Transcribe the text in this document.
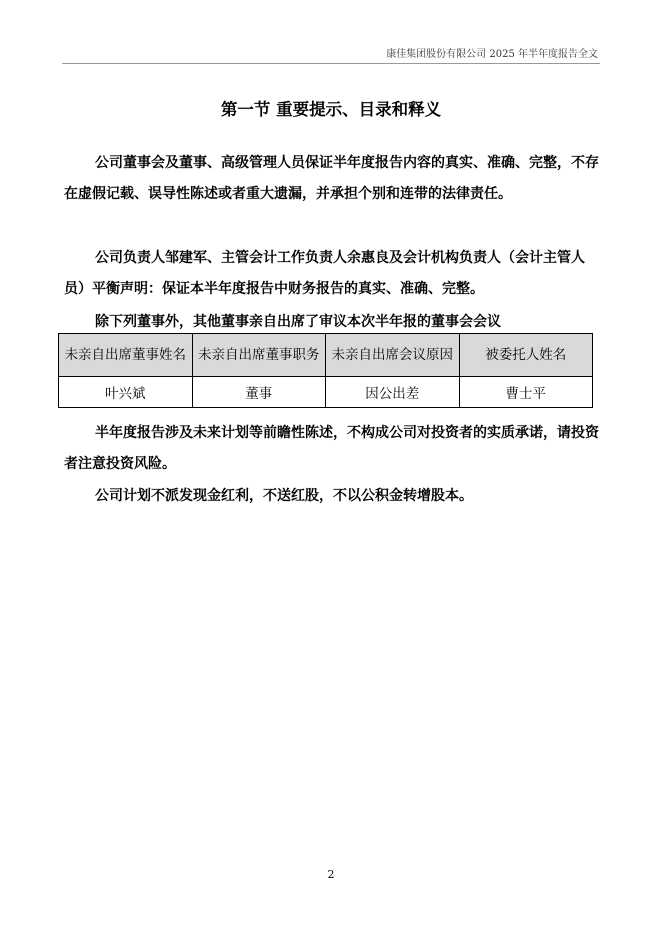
康佳集团股份有限公司 2025 年半年度报告全文
第一节 重要提示、目录和释义
公司董事会及董事、高级管理人员保证半年度报告内容的真实、准确、完整，不存在虚假记载、误导性陈述或者重大遗漏，并承担个别和连带的法律责任。
公司负责人邹建军、主管会计工作负责人余惠良及会计机构负责人（会计主管人员）平衡声明：保证本半年度报告中财务报告的真实、准确、完整。
除下列董事外，其他董事亲自出席了审议本次半年报的董事会会议
未亲自出席董事姓名	未亲自出席董事职务	未亲自出席会议原因	被委托人姓名
叶兴斌	董事	因公出差	曹士平
半年度报告涉及未来计划等前瞻性陈述，不构成公司对投资者的实质承诺，请投资者注意投资风险。
公司计划不派发现金红利，不送红股，不以公积金转增股本。
2
